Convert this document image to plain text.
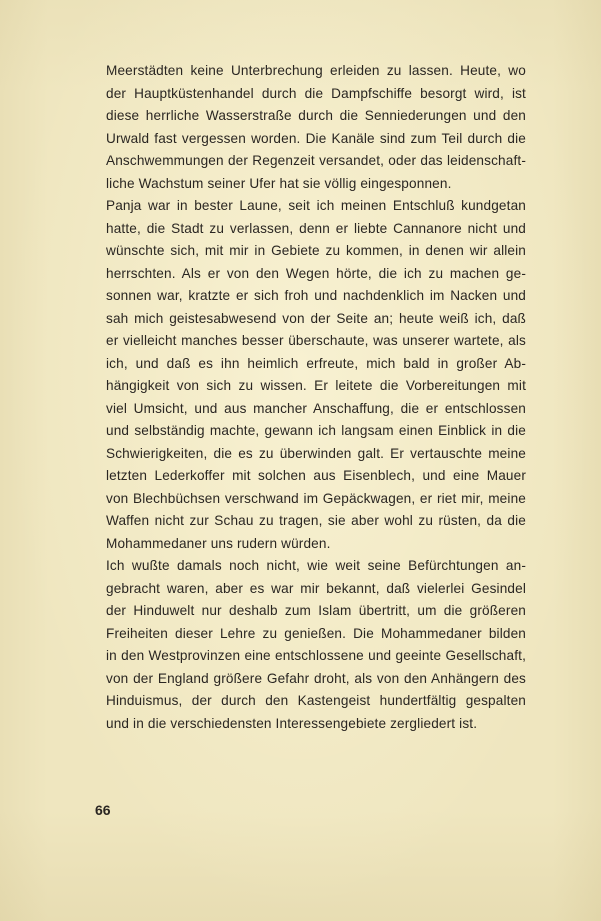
Meerstädten keine Unterbrechung erleiden zu lassen. Heute, wo
der Hauptküstenhandel durch die Dampfschiffe besorgt wird, ist
diese herrliche Wasserstraße durch die Senniederungen und den
Urwald fast vergessen worden. Die Kanäle sind zum Teil durch die
Anschwemmungen der Regenzeit versandet, oder das leidenschaft-
liche Wachstum seiner Ufer hat sie völlig eingesponnen.

Panja war in bester Laune, seit ich meinen Entschluß kundgetan
hatte, die Stadt zu verlassen, denn er liebte Cannanore nicht und
wünschte sich, mit mir in Gebiete zu kommen, in denen wir allein
herrschten. Als er von den Wegen hörte, die ich zu machen ge-
sonnen war, kratzte er sich froh und nachdenklich im Nacken und
sah mich geistesabwesend von der Seite an; heute weiß ich, daß
er vielleicht manches besser überschaute, was unserer wartete, als
ich, und daß es ihn heimlich erfreute, mich bald in großer Ab-
hängigkeit von sich zu wissen. Er leitete die Vorbereitungen mit
viel Umsicht, und aus mancher Anschaffung, die er entschlossen
und selbständig machte, gewann ich langsam einen Einblick in die
Schwierigkeiten, die es zu überwinden galt. Er vertauschte meine
letzten Lederkoffer mit solchen aus Eisenblech, und eine Mauer
von Blechbüchsen verschwand im Gepäckwagen, er riet mir, meine
Waffen nicht zur Schau zu tragen, sie aber wohl zu rüsten, da die
Mohammedaner uns rudern würden.

Ich wußte damals noch nicht, wie weit seine Befürchtungen an-
gebracht waren, aber es war mir bekannt, daß vielerlei Gesindel
der Hinduwelt nur deshalb zum Islam übertritt, um die größeren
Freiheiten dieser Lehre zu genießen. Die Mohammedaner bilden
in den Westprovinzen eine entschlossene und geeinte Gesellschaft,
von der England größere Gefahr droht, als von den Anhängern des
Hinduismus, der durch den Kastengeist hundertfältig gespalten
und in die verschiedensten Interessengebiete zergliedert ist.

66
